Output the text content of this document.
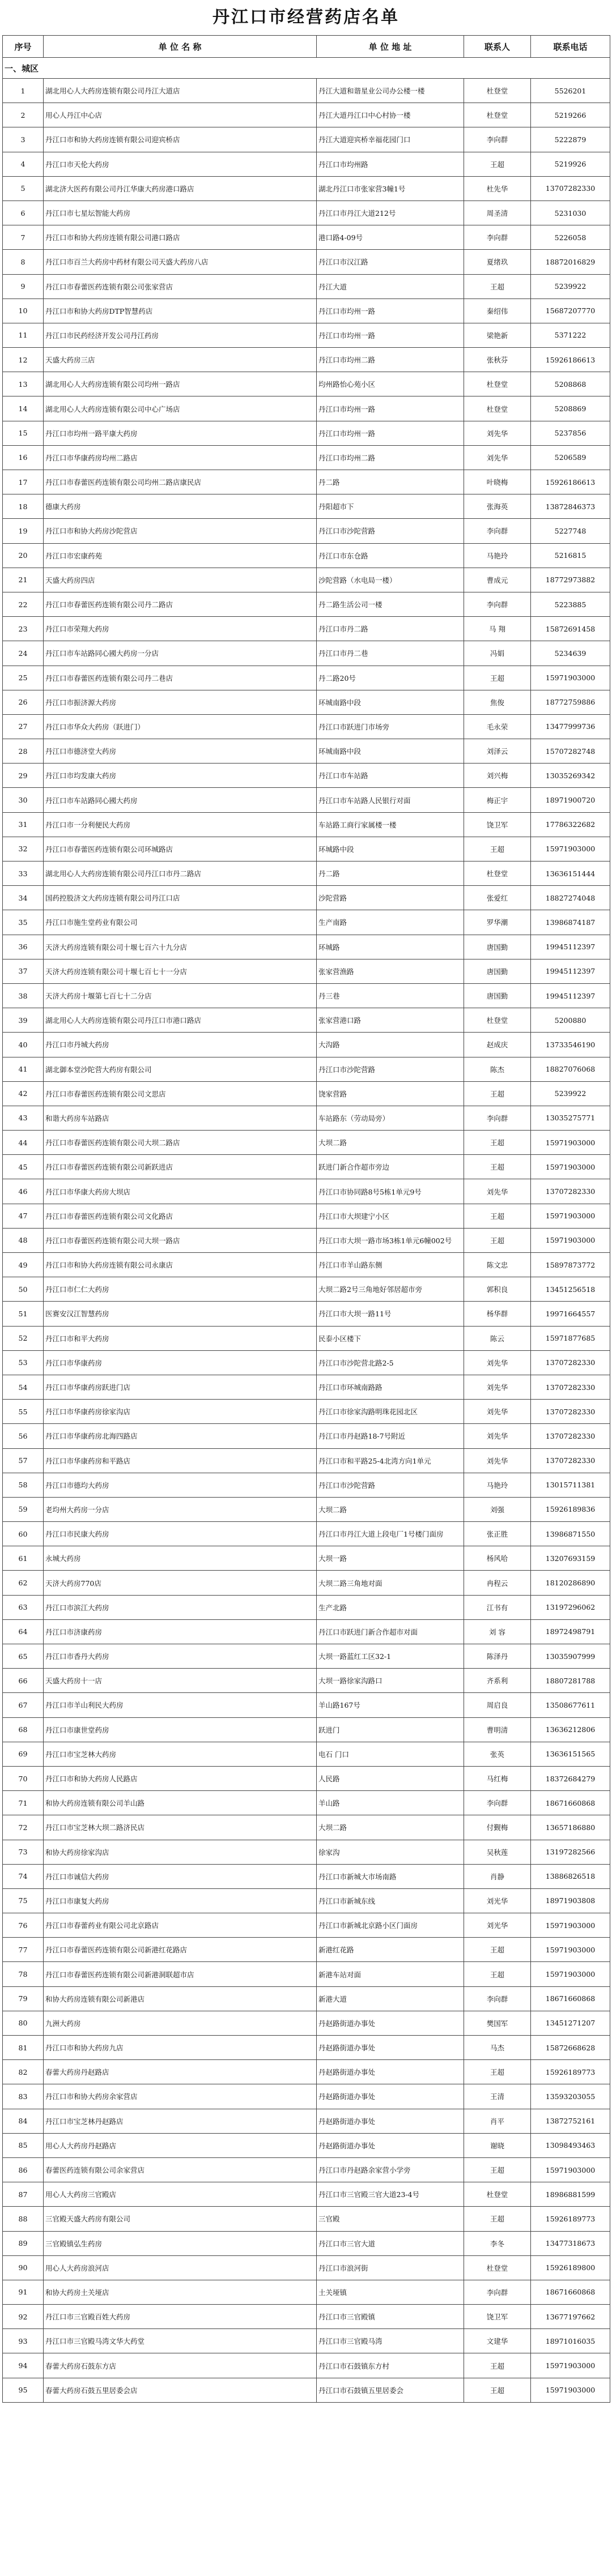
丹江口市经营药店名单
序号	单 位 名 称	单 位 地 址	联系人	联系电话
一、城区				
1	湖北用心人大药房连锁有限公司丹江大道店	丹江大道和谐星业公司办公楼一楼	杜登堂	5526201
2	用心人丹江中心店	丹江大道丹江口中心村协一楼	杜登堂	5219266
3	丹江口市和协大药房连锁有限公司迎宾桥店	丹江大道迎宾桥幸福花园门口	李向群	5222879
4	丹江口市天伦大药房	丹江口市均州路	王超	5219926
5	湖北济大医药有限公司丹江华康大药房港口路店	湖北丹江口市张家营3幢1号	杜先华	13707282330
6	丹江口市七星坛智能大药房	丹江口市丹江大道212号	周圣清	5231030
7	丹江口市和协大药房连锁有限公司港口路店	港口路4-09号	李向群	5226058
8	丹江口市百兰大药房中药材有限公司天盛大药房八店	丹江口市汉江路	夏绪玖	18872016829
9	丹江口市春蕾医药连锁有限公司张家营店	丹江大道	王超	5239922
10	丹江口市和协大药房DTP智慧药店	丹江口市均州一路	秦绍伟	15687207770
11	丹江口市民药经济开发公司丹江药房	丹江口市均州一路	梁艳新	5371222
12	天盛大药房三店	丹江口市均州二路	张秋芬	15926186613
13	湖北用心人大药房连锁有限公司均州一路店	均州路怡心苑小区	杜登堂	5208868
14	湖北用心人大药房连锁有限公司中心广场店	丹江口市均州一路	杜登堂	5208869
15	丹江口市均州一路平康大药房	丹江口市均州一路	刘先华	5237856
16	丹江口市华康药房均州二路店	丹江口市均州二路	刘先华	5206589
17	丹江口市春蕾医药连锁有限公司均州二路店康民店	丹二路	叶晓梅	15926186613
18	德康大药房	丹阳超市下	张海英	13872846373
19	丹江口市和协大药房沙陀营店	丹江口市沙陀营路	李向群	5227748
20	丹江口市宏康药苑	丹江口市东仓路	马艳玲	5216815
21	天盛大药房四店	沙陀营路（水电局一楼）	曹成元	18772973882
22	丹江口市春蕾医药连锁有限公司丹二路店	丹二路生活公司一楼	李向群	5223885
23	丹江口市荣翔大药房	丹江口市丹二路	马 翔	15872691458
24	丹江口市车站路同心國大药房一分店	丹江口市丹二巷	冯娟	5234639
25	丹江口市春蕾医药连锁有限公司丹二巷店	丹二路20号	王超	15971903000
26	丹江口市振济源大药房	环城南路中段	焦俊	18772759886
27	丹江口市华众大药房（跃进门）	丹江口市跃进门市场旁	毛永荣	13477999736
28	丹江口市德济堂大药房	环城南路中段	刘泽云	15707282748
29	丹江口市均发康大药房	丹江口市车站路	刘兴梅	13035269342
30	丹江口市车站路同心國大药房	丹江口市车站路人民银行对面	梅正宇	18971900720
31	丹江口市一分利便民大药房	车站路工商行家属楼一楼	饶卫军	17786322682
32	丹江口市春蕾医药连锁有限公司环城路店	环城路中段	王超	15971903000
33	湖北用心人大药房连锁有限公司丹江口市丹二路店	丹二路	杜登堂	13636151444
34	国药控股济文大药房连锁有限公司丹江口店	沙陀营路	张爱红	18827274048
35	丹江口市施生堂药业有限公司	生产南路	罗华潮	13986874187
36	天济大药房连锁有限公司十堰七百六十九分店	环城路	唐国勤	19945112397
37	天济大药房连锁有限公司十堰七百七十一分店	张家营渔路	唐国勤	19945112397
38	天济大药房十堰第七百七十二分店	丹三巷	唐国勤	19945112397
39	湖北用心人大药房连锁有限公司丹江口市港口路店	张家营港口路	杜登堂	5200880
40	丹江口市丹城大药房	大沟路	赵成庆	13733546190
41	湖北御本堂沙陀营大药房有限公司	丹江口市沙陀营路	陈杰	18827076068
42	丹江口市春蕾医药连锁有限公司文思店	饶家营路	王超	5239922
43	和谐大药房车站路店	车站路东（劳动局旁）	李向群	13035275771
44	丹江口市春蕾医药连锁有限公司大坝二路店	大坝二路	王超	15971903000
45	丹江口市春蕾医药连锁有限公司新跃进店	跃进门新合作超市旁边	王超	15971903000
46	丹江口市华康大药房大坝店	丹江口市协同路8号5栋1单元9号	刘先华	13707282330
47	丹江口市春蕾医药连锁有限公司文化路店	丹江口市大坝建宁小区	王超	15971903000
48	丹江口市春蕾医药连锁有限公司大坝一路店	丹江口市大坝一路市场3栋1单元6幢002号	王超	15971903000
49	丹江口市和协大药房连锁有限公司永康店	丹江口市羊山路东侧	陈文忠	15897873772
50	丹江口市仁仁大药房	大坝二路2号三角地好邻居超市旁	郭积良	13451256518
51	医赛安汉江智慧药房	丹江口市大坝一路11号	杨华群	19971664557
52	丹江口市和平大药房	民泰小区楼下	陈云	15971877685
53	丹江口市华康药房	丹江口市沙陀营北路2-5	刘先华	13707282330
54	丹江口市华康药房跃进门店	丹江口市环城南路路	刘先华	13707282330
55	丹江口市华康药房徐家沟店	丹江口市徐家沟路明珠花园北区	刘先华	13707282330
56	丹江口市华康药房北海四路店	丹江口市丹赵路18-7号附近	刘先华	13707282330
57	丹江口市华康药房和平路店	丹江口市和平路25-4北湾方向1单元	刘先华	13707282330
58	丹江口市德均大药房	丹江口市沙陀营路	马艳玲	13015711381
59	老均州大药房一分店	大坝二路	刘强	15926189836
60	丹江口市民康大药房	丹江口市丹江大道上段电厂1号楼门面房	张正胜	13986871550
61	永城大药房	大坝一路	杨风哈	13207693159
62	天济大药房770店	大坝二路三角地对面	冉程云	18120286890
63	丹江口市滨江大药房	生产北路	江书有	13197296062
64	丹江口市济康药房	丹江口市跃进门新合作超市对面	刘 容	18972498791
65	丹江口市香丹大药房	大坝一路蓝红工区32-1	陈泽丹	13035907999
66	天盛大药房十一店	大坝一路徐家沟路口	齐系利	18807281788
67	丹江口市羊山利民大药房	羊山路167号	周启良	13508677611
68	丹江口市康世堂药房	跃进门	曹明清	13636212806
69	丹江口市宝芝林大药房	电石 门口	张英	13636151565
70	丹江口市和协大药房人民路店	人民路	马红梅	18372684279
71	和协大药房连锁有限公司羊山路	羊山路	李向群	18671660868
72	丹江口市宝芝林大坝二路济民店	大坝二路	付觐梅	13657186880
73	和协大药房徐家沟店	徐家沟	吴秋莲	13197282566
74	丹江口市诚信大药房	丹江口市新城大市场南路	肖静	13886826518
75	丹江口市康复大药房	丹江口市新城东线	刘光华	18971903808
76	丹江口市春蕾药业有限公司北京路店	丹江口市新城北京路小区门面房	刘光华	15971903000
77	丹江口市春蕾医药连锁有限公司新港红花路店	新港红花路	王超	15971903000
78	丹江口市春蕾医药连锁有限公司新港洞联超市店	新港车站对面	王超	15971903000
79	和协大药房连锁有限公司新港店	新港大道	李向群	18671660868
80	九洲大药房	丹赵路街道办事处	樊国军	13451271207
81	丹江口市和协大药房九店	丹赵路街道办事处	马杰	15872668628
82	春蕾大药房丹赵路店	丹赵路街道办事处	王超	15926189773
83	丹江口市和协大药房余家营店	丹赵路街道办事处	王清	13593203055
84	丹江口市宝芝林丹赵路店	丹赵路街道办事处	肖平	13872752161
85	用心人大药房丹赵路店	丹赵路街道办事处	谢晓	13098493463
86	春蕾医药连锁有限公司余家营店	丹江口市丹赵路余家营小学旁	王超	15971903000
87	用心人大药房三官殿店	丹江口市三官殿三官大道23-4号	杜登堂	18986881599
88	三官殿天盛大药房有限公司	三官殿	王超	15926189773
89	三官殿镇弘生药房	丹江口市三官大道	李冬	13477318673
90	用心人大药房浪河店	丹江口市浪河街	杜登堂	15926189800
91	和协大药房土关垭店	土关垭镇	李向群	18671660868
92	丹江口市三官殿百姓大药房	丹江口市三官殿镇	饶卫军	13677197662
93	丹江口市三官殿马湾文华大药堂	丹江口市三官殿马湾	文建华	18971016035
94	春蕾大药房石鼓东方店	丹江口市石鼓镇东方村	王超	15971903000
95	春蕾大药房石鼓五里居委会店	丹江口市石鼓镇五里居委会	王超	15971903000
